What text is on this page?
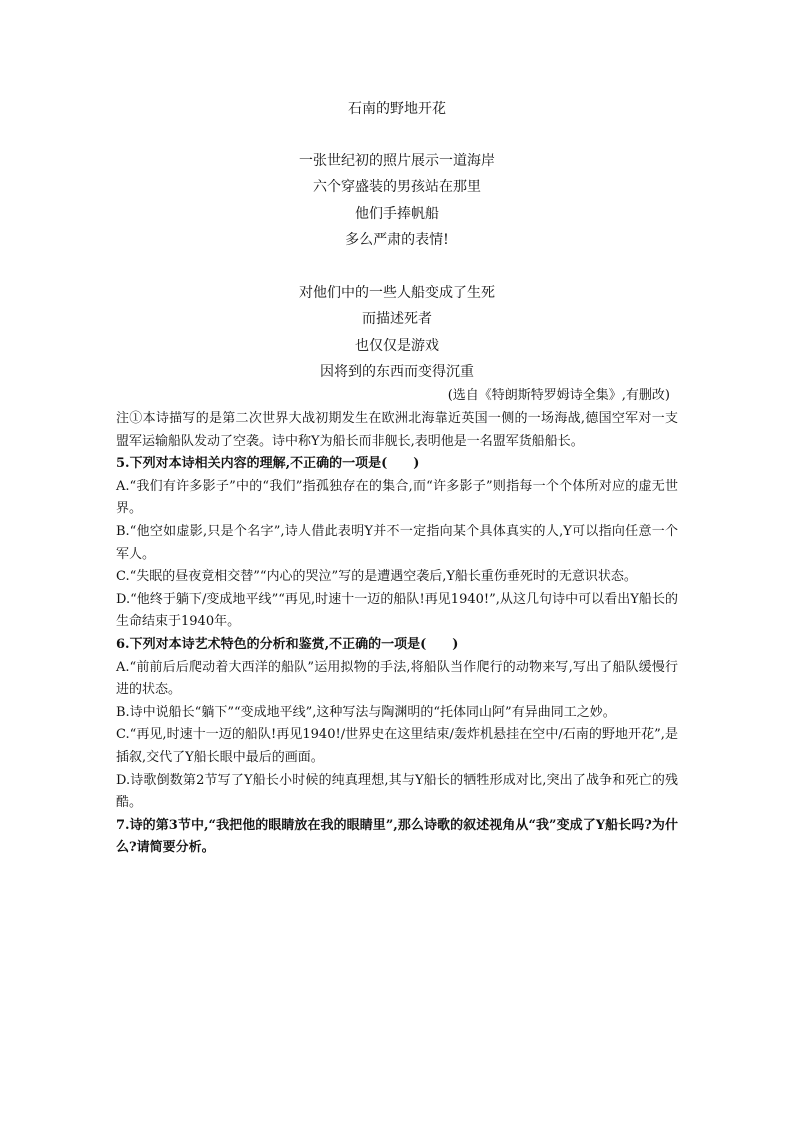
石南的野地开花
一张世纪初的照片展示一道海岸
六个穿盛装的男孩站在那里
他们手捧帆船
多么严肃的表情!
对他们中的一些人船变成了生死
而描述死者
也仅仅是游戏
因将到的东西而变得沉重
(选自《特朗斯特罗姆诗全集》,有删改)

注①本诗描写的是第二次世界大战初期发生在欧洲北海靠近英国一侧的一场海战,德国空军对一支盟军运输船队发动了空袭。诗中称Y为船长而非舰长,表明他是一名盟军货船船长。

5.下列对本诗相关内容的理解,不正确的一项是(　　)

A.“我们有许多影子”中的“我们”指孤独存在的集合,而“许多影子”则指每一个个体所对应的虚无世界。

B.“他空如虚影,只是个名字”,诗人借此表明Y并不一定指向某个具体真实的人,Y可以指向任意一个军人。

C.“失眠的昼夜竟相交替”“内心的哭泣”写的是遭遇空袭后,Y船长重伤垂死时的无意识状态。

D.“他终于躺下/变成地平线”“再见,时速十一迈的船队!再见1940!”,从这几句诗中可以看出Y船长的生命结束于1940年。

6.下列对本诗艺术特色的分析和鉴赏,不正确的一项是(　　)

A.“前前后后爬动着大西洋的船队”运用拟物的手法,将船队当作爬行的动物来写,写出了船队缓慢行进的状态。

B.诗中说船长“躺下”“变成地平线”,这种写法与陶渊明的“托体同山阿”有异曲同工之妙。

C.“再见,时速十一迈的船队!再见1940!/世界史在这里结束/轰炸机悬挂在空中/石南的野地开花”,是插叙,交代了Y船长眼中最后的画面。

D.诗歌倒数第2节写了Y船长小时候的纯真理想,其与Y船长的牺牲形成对比,突出了战争和死亡的残酷。

7.诗的第3节中,“我把他的眼睛放在我的眼睛里”,那么诗歌的叙述视角从“我”变成了Y船长吗?为什么?请简要分析。
